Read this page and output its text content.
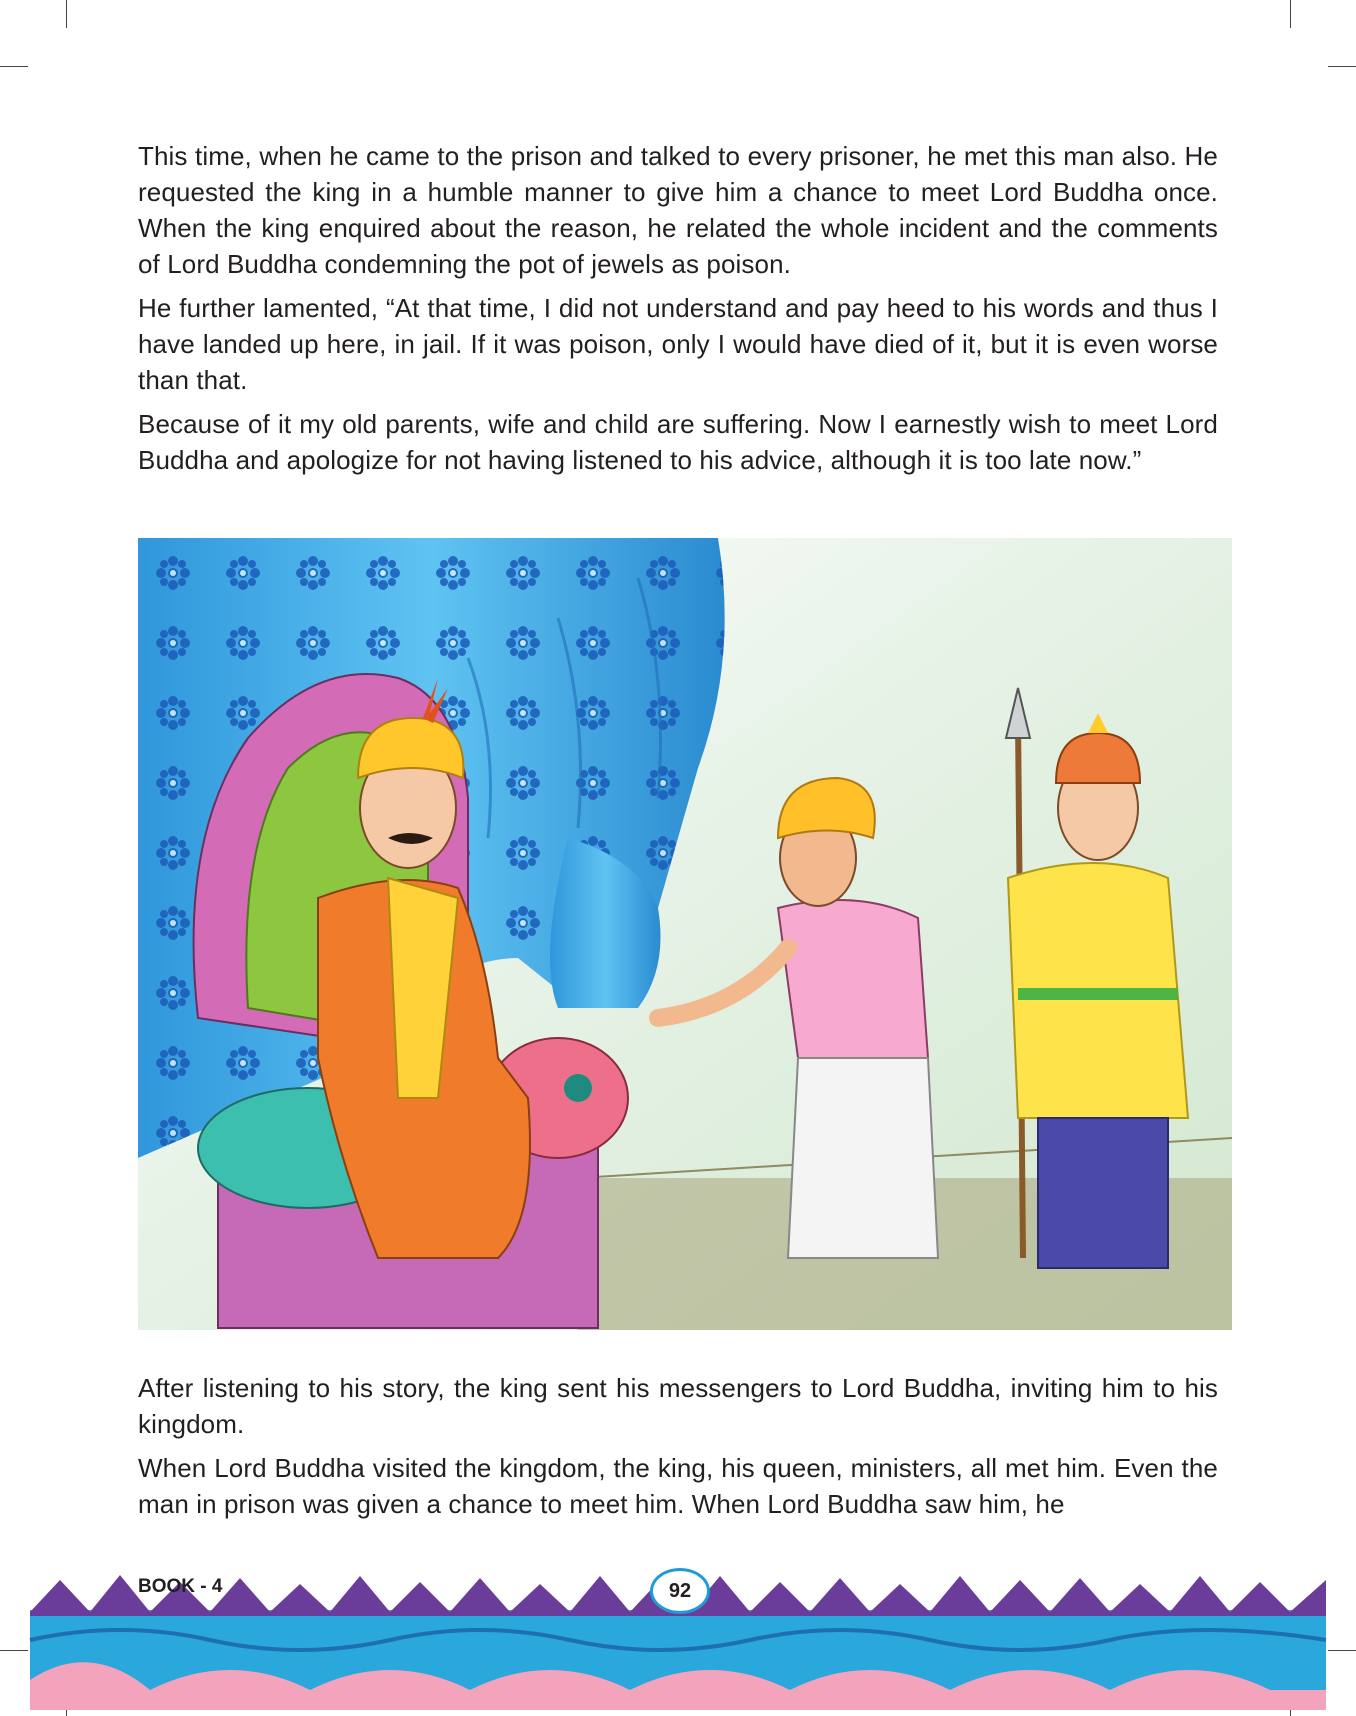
This time, when he came to the prison and talked to every prisoner, he met this man also. He requested the king in a humble manner to give him a chance to meet Lord Buddha once. When the king enquired about the reason, he related the whole incident and the comments of Lord Buddha condemning the pot of jewels as poison.

He further lamented, “At that time, I did not understand and pay heed to his words and thus I have landed up here, in jail. If it was poison, only I would have died of it, but it is even worse than that.

Because of it my old parents, wife and child are suffering. Now I earnestly wish to meet Lord Buddha and apologize for not having listened to his advice, although it is too late now.”

After listening to his story, the king sent his messengers to Lord Buddha, inviting him to his kingdom.

When Lord Buddha visited the kingdom, the king, his queen, ministers, all met him. Even the man in prison was given a chance to meet him. When Lord Buddha saw him, he

BOOK - 4	92
